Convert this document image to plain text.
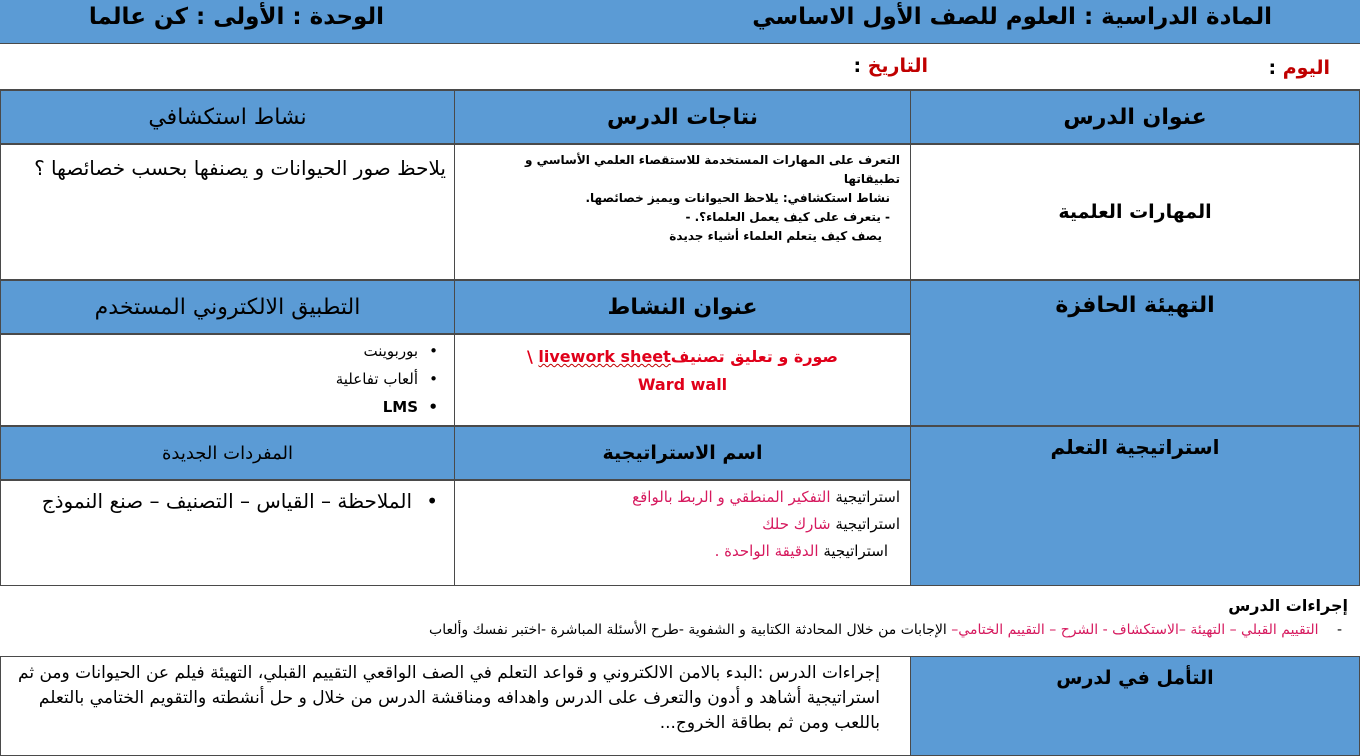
المادة الدراسية : العلوم للصف الأول الاساسي
الوحدة : الأولى : كن عالما
اليوم :
التاريخ :
عنوان الدرس
نتاجات الدرس
نشاط استكشافي
المهارات العلمية
التعرف على المهارات المستخدمة للاستقصاء العلمي الأساسي و تطبيقاتها
نشاط استكشافي: يلاحظ الحيوانات ويميز خصائصها.
- يتعرف على كيف يعمل العلماء؟. -
يصف كيف يتعلم العلماء أشياء جديدة
يلاحظ صور الحيوانات و يصنفها بحسب خصائصها ؟
التهيئة الحافزة
عنوان النشاط
التطبيق الالكتروني المستخدم
صورة و تعليق تصنيفlivework sheet \
Ward wall
• بوربوينت
• ألعاب تفاعلية
• LMS
استراتيجية التعلم
اسم الاستراتيجية
المفردات الجديدة
استراتيجية التفكير المنطقي و الربط بالواقع
استراتيجية شارك حلك
استراتيجية الدقيقة الواحدة .
• الملاحظة – القياس – التصنيف – صنع النموذج
إجراءات الدرس
- التقييم القبلي – التهيئة –الاستكشاف - الشرح – التقييم الختامي– الإجابات من خلال المحادثة الكتابية و الشفوية -طرح الأسئلة المباشرة -اختبر نفسك وألعاب
التأمل في لدرس
إجراءات الدرس :البدء بالامن الالكتروني و قواعد التعلم في الصف الواقعي التقييم القبلي، التهيئة فيلم عن الحيوانات ومن ثم استراتيجية أشاهد و أدون والتعرف على الدرس واهدافه ومناقشة الدرس من خلال و حل أنشطته والتقويم الختامي بالتعلم باللعب ومن ثم بطاقة الخروج...
